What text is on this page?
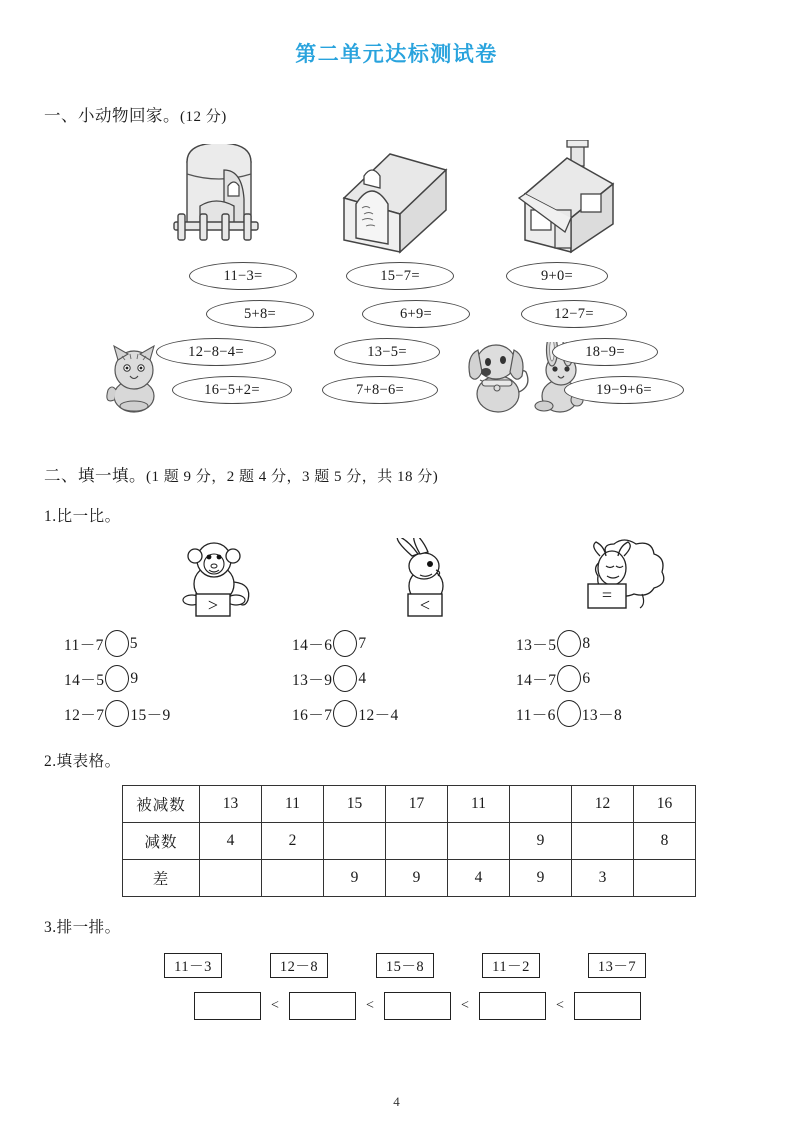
第二单元达标测试卷
一、小动物回家。(12 分)
11−3=
5+8=
12−8−4=
16−5+2=
15−7=
6+9=
13−5=
7+8−6=
9+0=
12−7=
18−9=
19−9+6=
二、填一填。(1 题 9 分，2 题 4 分，3 题 5 分，共 18 分)
1.比一比。
>	<	=
11－7 5	14－6 7	13－5 8
14－5 9	13－9 4	14－7 6
12－7 15－9	16－7 12－4	11－6 13－8
2.填表格。
被减数	13	11	15	17	11		12	16
减数	4	2				9		8
差			9	9	4	9	3	
3.排一排。
11－3	12－8	15－8	11－2	13－7
<	<	<	<
4
